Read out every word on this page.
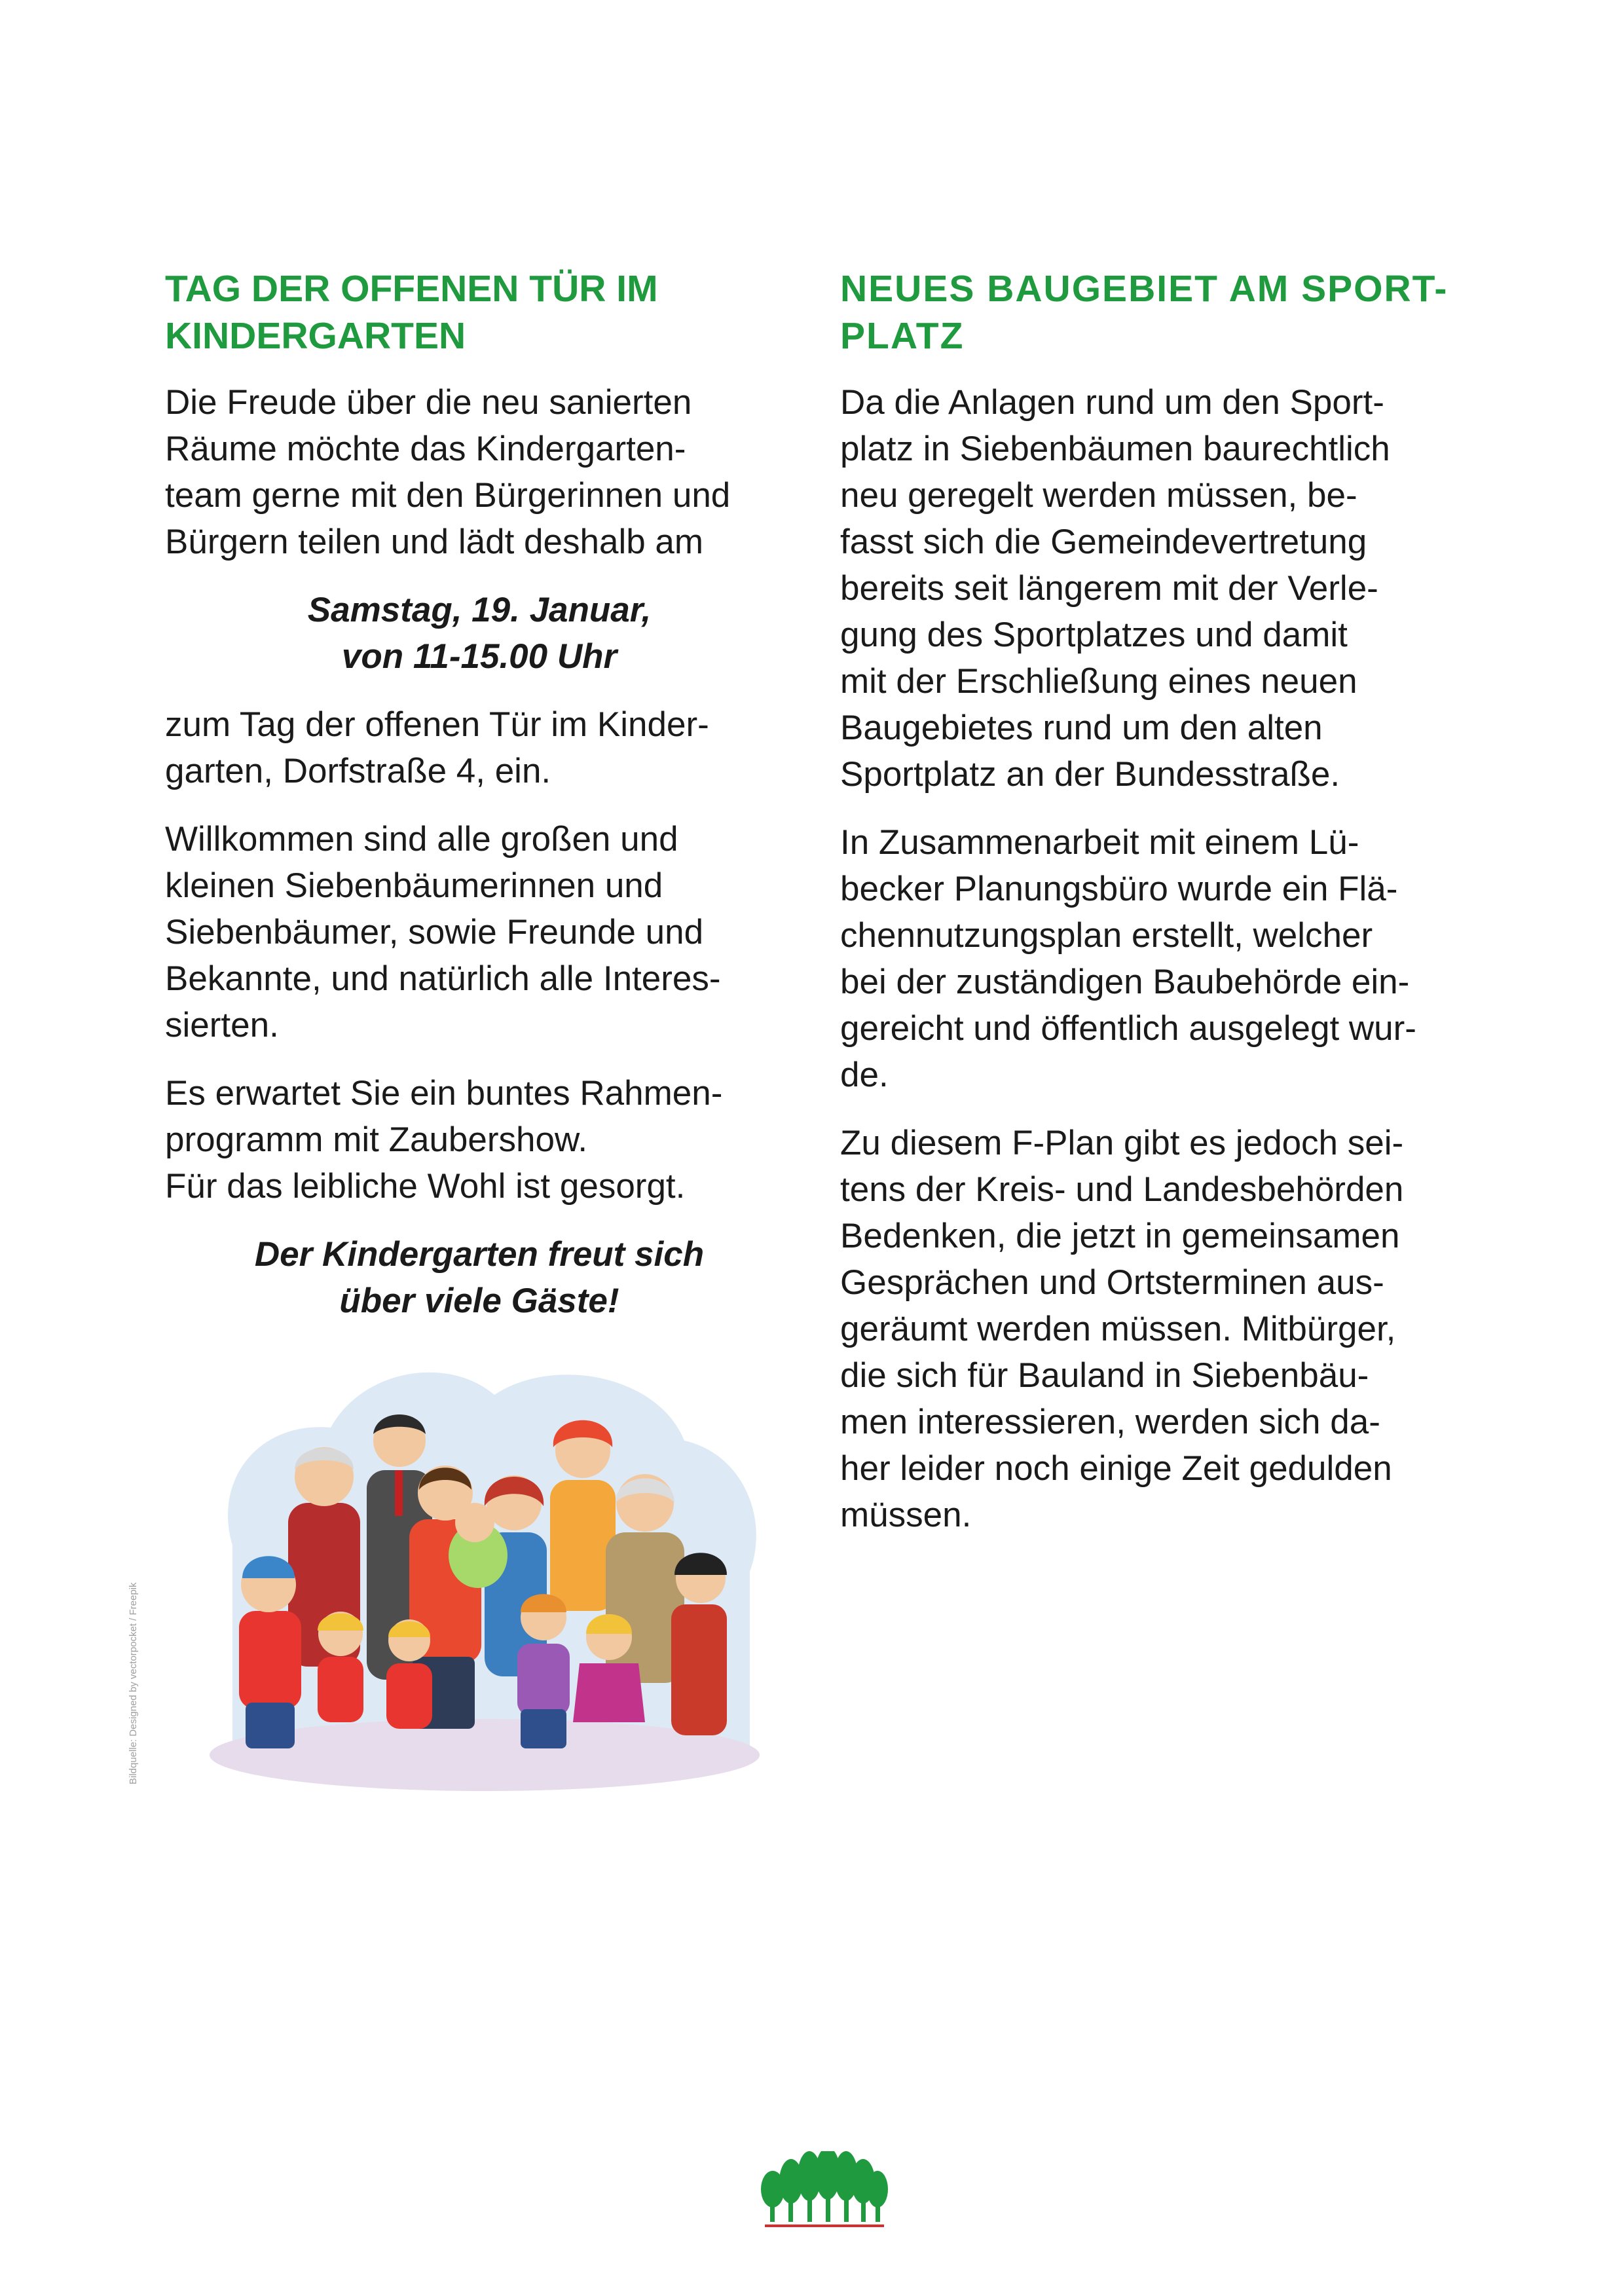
TAG DER OFFENEN TÜR IM
KINDERGARTEN

Die Freude über die neu sanierten
Räume möchte das Kindergarten-
team gerne mit den Bürgerinnen und
Bürgern teilen und lädt deshalb am

Samstag, 19. Januar,
von 11-15.00 Uhr

zum Tag der offenen Tür im Kinder-
garten, Dorfstraße 4, ein.

Willkommen sind alle großen und
kleinen Siebenbäumerinnen und
Siebenbäumer, sowie Freunde und
Bekannte, und natürlich alle Interes-
sierten.

Es erwartet Sie ein buntes Rahmen-
programm mit Zaubershow.
Für das leibliche Wohl ist gesorgt.

Der Kindergarten freut sich
über viele Gäste!

Bildquelle: Designed by vectorpocket / Freepik
NEUES BAUGEBIET AM SPORT-
PLATZ

Da die Anlagen rund um den Sport-
platz in Siebenbäumen baurechtlich
neu geregelt werden müssen, be-
fasst sich die Gemeindevertretung
bereits seit längerem mit der Verle-
gung des Sportplatzes und damit
mit der Erschließung eines neuen
Baugebietes rund um den alten
Sportplatz an der Bundesstraße.

In Zusammenarbeit mit einem Lü-
becker Planungsbüro wurde ein Flä-
chennutzungsplan erstellt, welcher
bei der zuständigen Baubehörde ein-
gereicht und öffentlich ausgelegt wur-
de.

Zu diesem F-Plan gibt es jedoch sei-
tens der Kreis- und Landesbehörden
Bedenken, die jetzt in gemeinsamen
Gesprächen und Ortsterminen aus-
geräumt werden müssen. Mitbürger,
die sich für Bauland in Siebenbäu-
men interessieren, werden sich da-
her leider noch einige Zeit gedulden
müssen.
